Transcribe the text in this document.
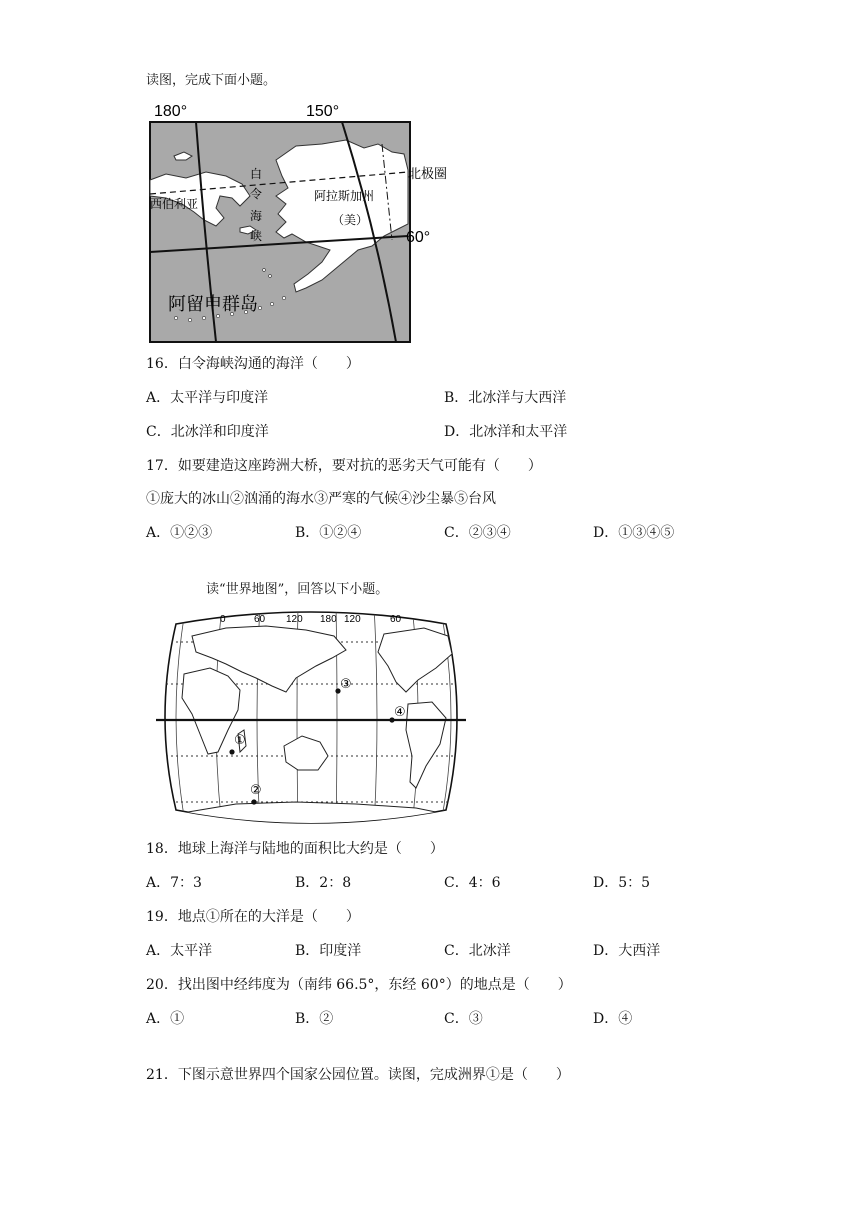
读图，完成下面小题。
180°	150°
北极圈
西伯利亚
白
令
海
峡
阿拉斯加州
（美）
60°
阿留申群岛
16．白令海峡沟通的海洋（　　）
A．太平洋与印度洋	B．北冰洋与大西洋
C．北冰洋和印度洋	D．北冰洋和太平洋
17．如要建造这座跨洲大桥，要对抗的恶劣天气可能有（　　）
①庞大的冰山②汹涌的海水③严寒的气候④沙尘暴⑤台风
A．①②③	B．①②④	C．②③④	D．①③④⑤
读“世界地图”，回答以下小题。
0	60 120 180 120	60
①
②
③
④
18．地球上海洋与陆地的面积比大约是（　　）
A．7：3	B．2：8	C．4：6	D．5：5
19．地点①所在的大洋是（　　）
A．太平洋	B．印度洋	C．北冰洋	D．大西洋
20．找出图中经纬度为（南纬 66.5°，东经 60°）的地点是（　　）
A．①	B．②	C．③	D．④
21．下图示意世界四个国家公园位置。读图，完成洲界①是（　　）
